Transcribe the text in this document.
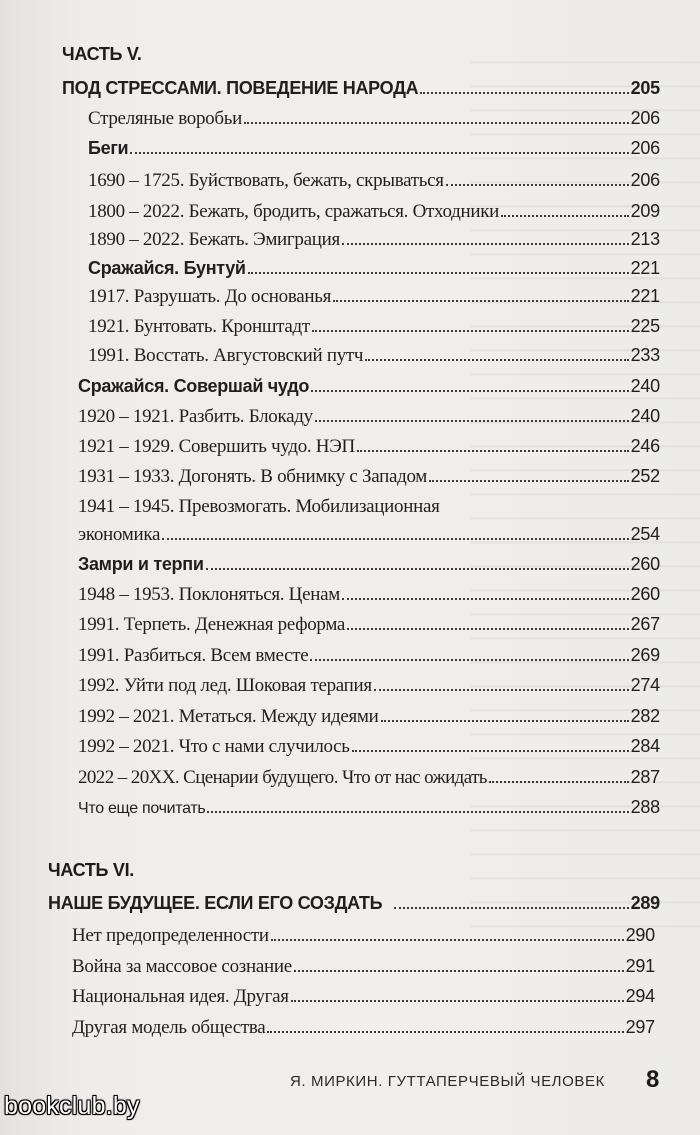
ЧАСТЬ V.
ПОД СТРЕССАМИ. ПОВЕДЕНИЕ НАРОДА	205
Стреляные воробьи	206
Беги	206
1690 – 1725. Буйствовать, бежать, скрываться	206
1800 – 2022. Бежать, бродить, сражаться. Отходники	209
1890 – 2022. Бежать. Эмиграция	213
Сражайся. Бунтуй	221
1917. Разрушать. До основанья	221
1921. Бунтовать. Кронштадт	225
1991. Восстать. Августовский путч	233
Сражайся. Совершай чудо	240
1920 – 1921. Разбить. Блокаду	240
1921 – 1929. Совершить чудо. НЭП	246
1931 – 1933. Догонять. В обнимку с Западом	252
1941 – 1945. Превозмогать. Мобилизационная
экономика	254
Замри и терпи	260
1948 – 1953. Поклоняться. Ценам	260
1991. Терпеть. Денежная реформа	267
1991. Разбиться. Всем вместе	269
1992. Уйти под лед. Шоковая терапия	274
1992 – 2021. Метаться. Между идеями	282
1992 – 2021. Что с нами случилось	284
2022 – 20XX. Сценарии будущего. Что от нас ожидать	287
Что еще почитать	288
ЧАСТЬ VI.
НАШЕ БУДУЩЕЕ. ЕСЛИ ЕГО СОЗДАТЬ	289
Нет предопределенности	290
Война за массовое сознание	291
Национальная идея. Другая	294
Другая модель общества	297
Я. МИРКИН. ГУТТАПЕРЧЕВЫЙ ЧЕЛОВЕК 8
bookclub.by
